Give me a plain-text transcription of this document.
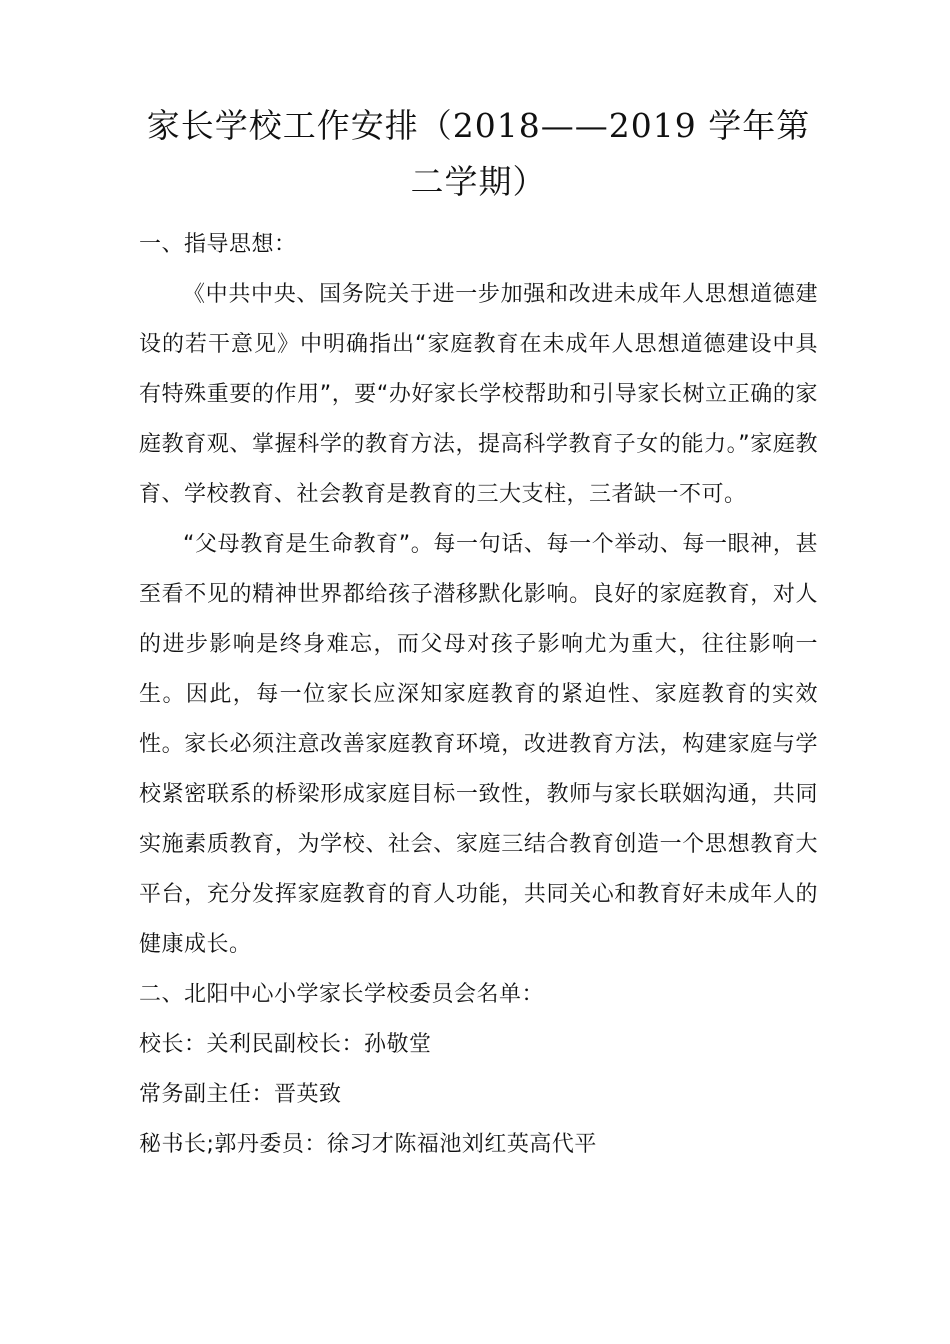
家长学校工作安排（2018——2019 学年第
二学期）

一、指导思想：

《中共中央、国务院关于进一步加强和改进未成年人思想道德建设的若干意见》中明确指出“家庭教育在未成年人思想道德建设中具有特殊重要的作用”，要“办好家长学校帮助和引导家长树立正确的家庭教育观、掌握科学的教育方法，提高科学教育子女的能力。”家庭教育、学校教育、社会教育是教育的三大支柱，三者缺一不可。

“父母教育是生命教育”。每一句话、每一个举动、每一眼神，甚至看不见的精神世界都给孩子潜移默化影响。良好的家庭教育，对人的进步影响是终身难忘，而父母对孩子影响尤为重大，往往影响一生。因此，每一位家长应深知家庭教育的紧迫性、家庭教育的实效性。家长必须注意改善家庭教育环境，改进教育方法，构建家庭与学校紧密联系的桥梁形成家庭目标一致性，教师与家长联姻沟通，共同实施素质教育，为学校、社会、家庭三结合教育创造一个思想教育大平台，充分发挥家庭教育的育人功能，共同关心和教育好未成年人的健康成长。

二、北阳中心小学家长学校委员会名单：

校长：关利民副校长：孙敬堂

常务副主任：晋英致

秘书长;郭丹委员：徐习才陈福池刘红英高代平
